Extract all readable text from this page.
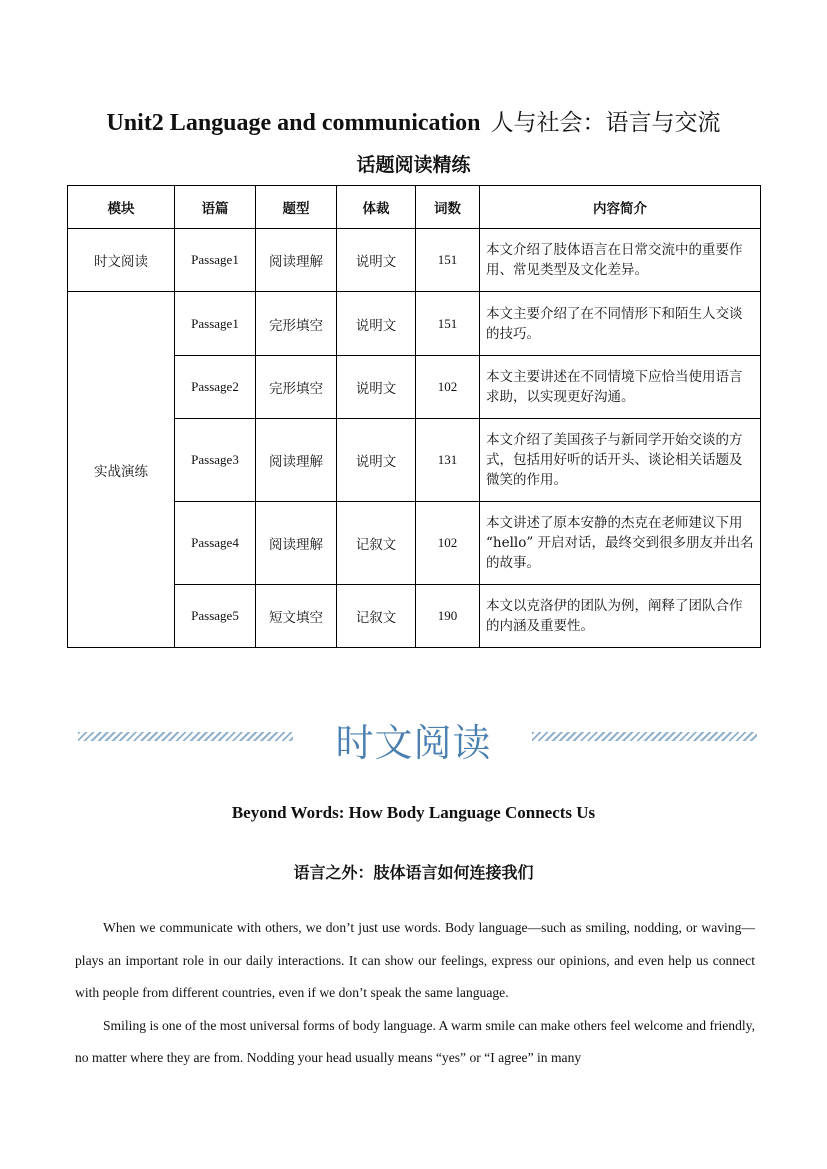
Unit2 Language and communication 人与社会：语言与交流
话题阅读精练
模块	语篇	题型	体裁	词数	内容简介
时文阅读	Passage1	阅读理解	说明文	151	本文介绍了肢体语言在日常交流中的重要作用、常见类型及文化差异。
实战演练	Passage1	完形填空	说明文	151	本文主要介绍了在不同情形下和陌生人交谈的技巧。
	Passage2	完形填空	说明文	102	本文主要讲述在不同情境下应恰当使用语言求助，以实现更好沟通。
	Passage3	阅读理解	说明文	131	本文介绍了美国孩子与新同学开始交谈的方式，包括用好听的话开头、谈论相关话题及微笑的作用。
	Passage4	阅读理解	记叙文	102	本文讲述了原本安静的杰克在老师建议下用 “hello” 开启对话，最终交到很多朋友并出名的故事。
	Passage5	短文填空	记叙文	190	本文以克洛伊的团队为例，阐释了团队合作的内涵及重要性。
时文阅读
Beyond Words: How Body Language Connects Us
语言之外：肢体语言如何连接我们

When we communicate with others, we don’t just use words. Body language—such as smiling, nodding, or waving—plays an important role in our daily interactions. It can show our feelings, express our opinions, and even help us connect with people from different countries, even if we don’t speak the same language.

Smiling is one of the most universal forms of body language. A warm smile can make others feel welcome and friendly, no matter where they are from. Nodding your head usually means “yes” or “I agree” in many
